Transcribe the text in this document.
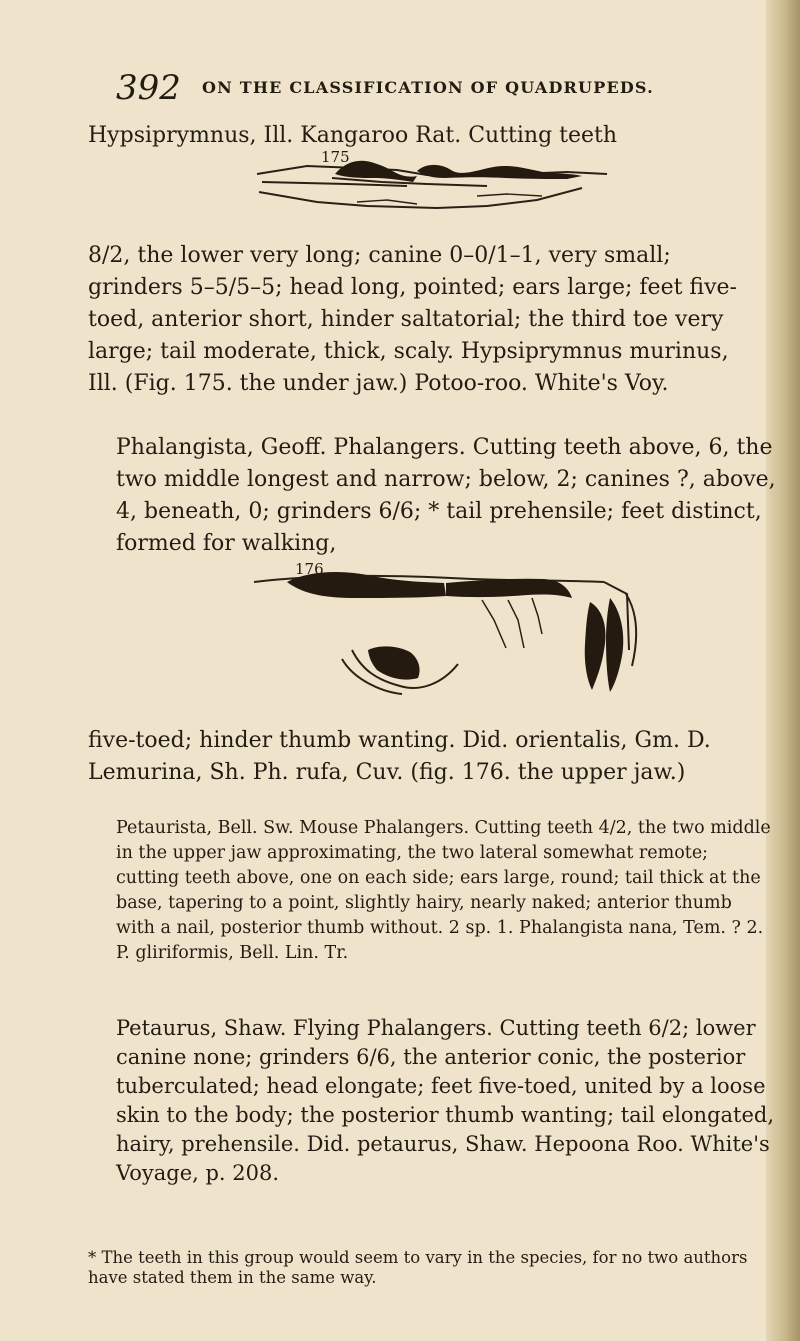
392 ON THE CLASSIFICATION OF QUADRUPEDS.

Hypsiprymnus, Ill. Kangaroo Rat. Cutting teeth

175

8/2, the lower very long; canine 0–0/1–1, very small; grinders 5–5/5–5; head long, pointed; ears large; feet five-toed, anterior short, hinder saltatorial; the third toe very large; tail moderate, thick, scaly. Hypsiprymnus murinus, Ill. (Fig. 175. the under jaw.) Potoo-roo. White's Voy.

Phalangista, Geoff. Phalangers. Cutting teeth above, 6, the two middle longest and narrow; below, 2; canines ?, above, 4, beneath, 0; grinders 6/6; * tail prehensile; feet distinct, formed for walking,

176

five-toed; hinder thumb wanting. Did. orientalis, Gm. D. Lemurina, Sh. Ph. rufa, Cuv. (fig. 176. the upper jaw.)

Petaurista, Bell. Sw. Mouse Phalangers. Cutting teeth 4/2, the two middle in the upper jaw approximating, the two lateral somewhat remote; cutting teeth above, one on each side; ears large, round; tail thick at the base, tapering to a point, slightly hairy, nearly naked; anterior thumb with a nail, posterior thumb without. 2 sp. 1. Phalangista nana, Tem. ? 2. P. gliriformis, Bell. Lin. Tr.

Petaurus, Shaw. Flying Phalangers. Cutting teeth 6/2; lower canine none; grinders 6/6, the anterior conic, the posterior tuberculated; head elongate; feet five-toed, united by a loose skin to the body; the posterior thumb wanting; tail elongated, hairy, prehensile. Did. petaurus, Shaw. Hepoona Roo. White's Voyage, p. 208.

* The teeth in this group would seem to vary in the species, for no two authors have stated them in the same way.
